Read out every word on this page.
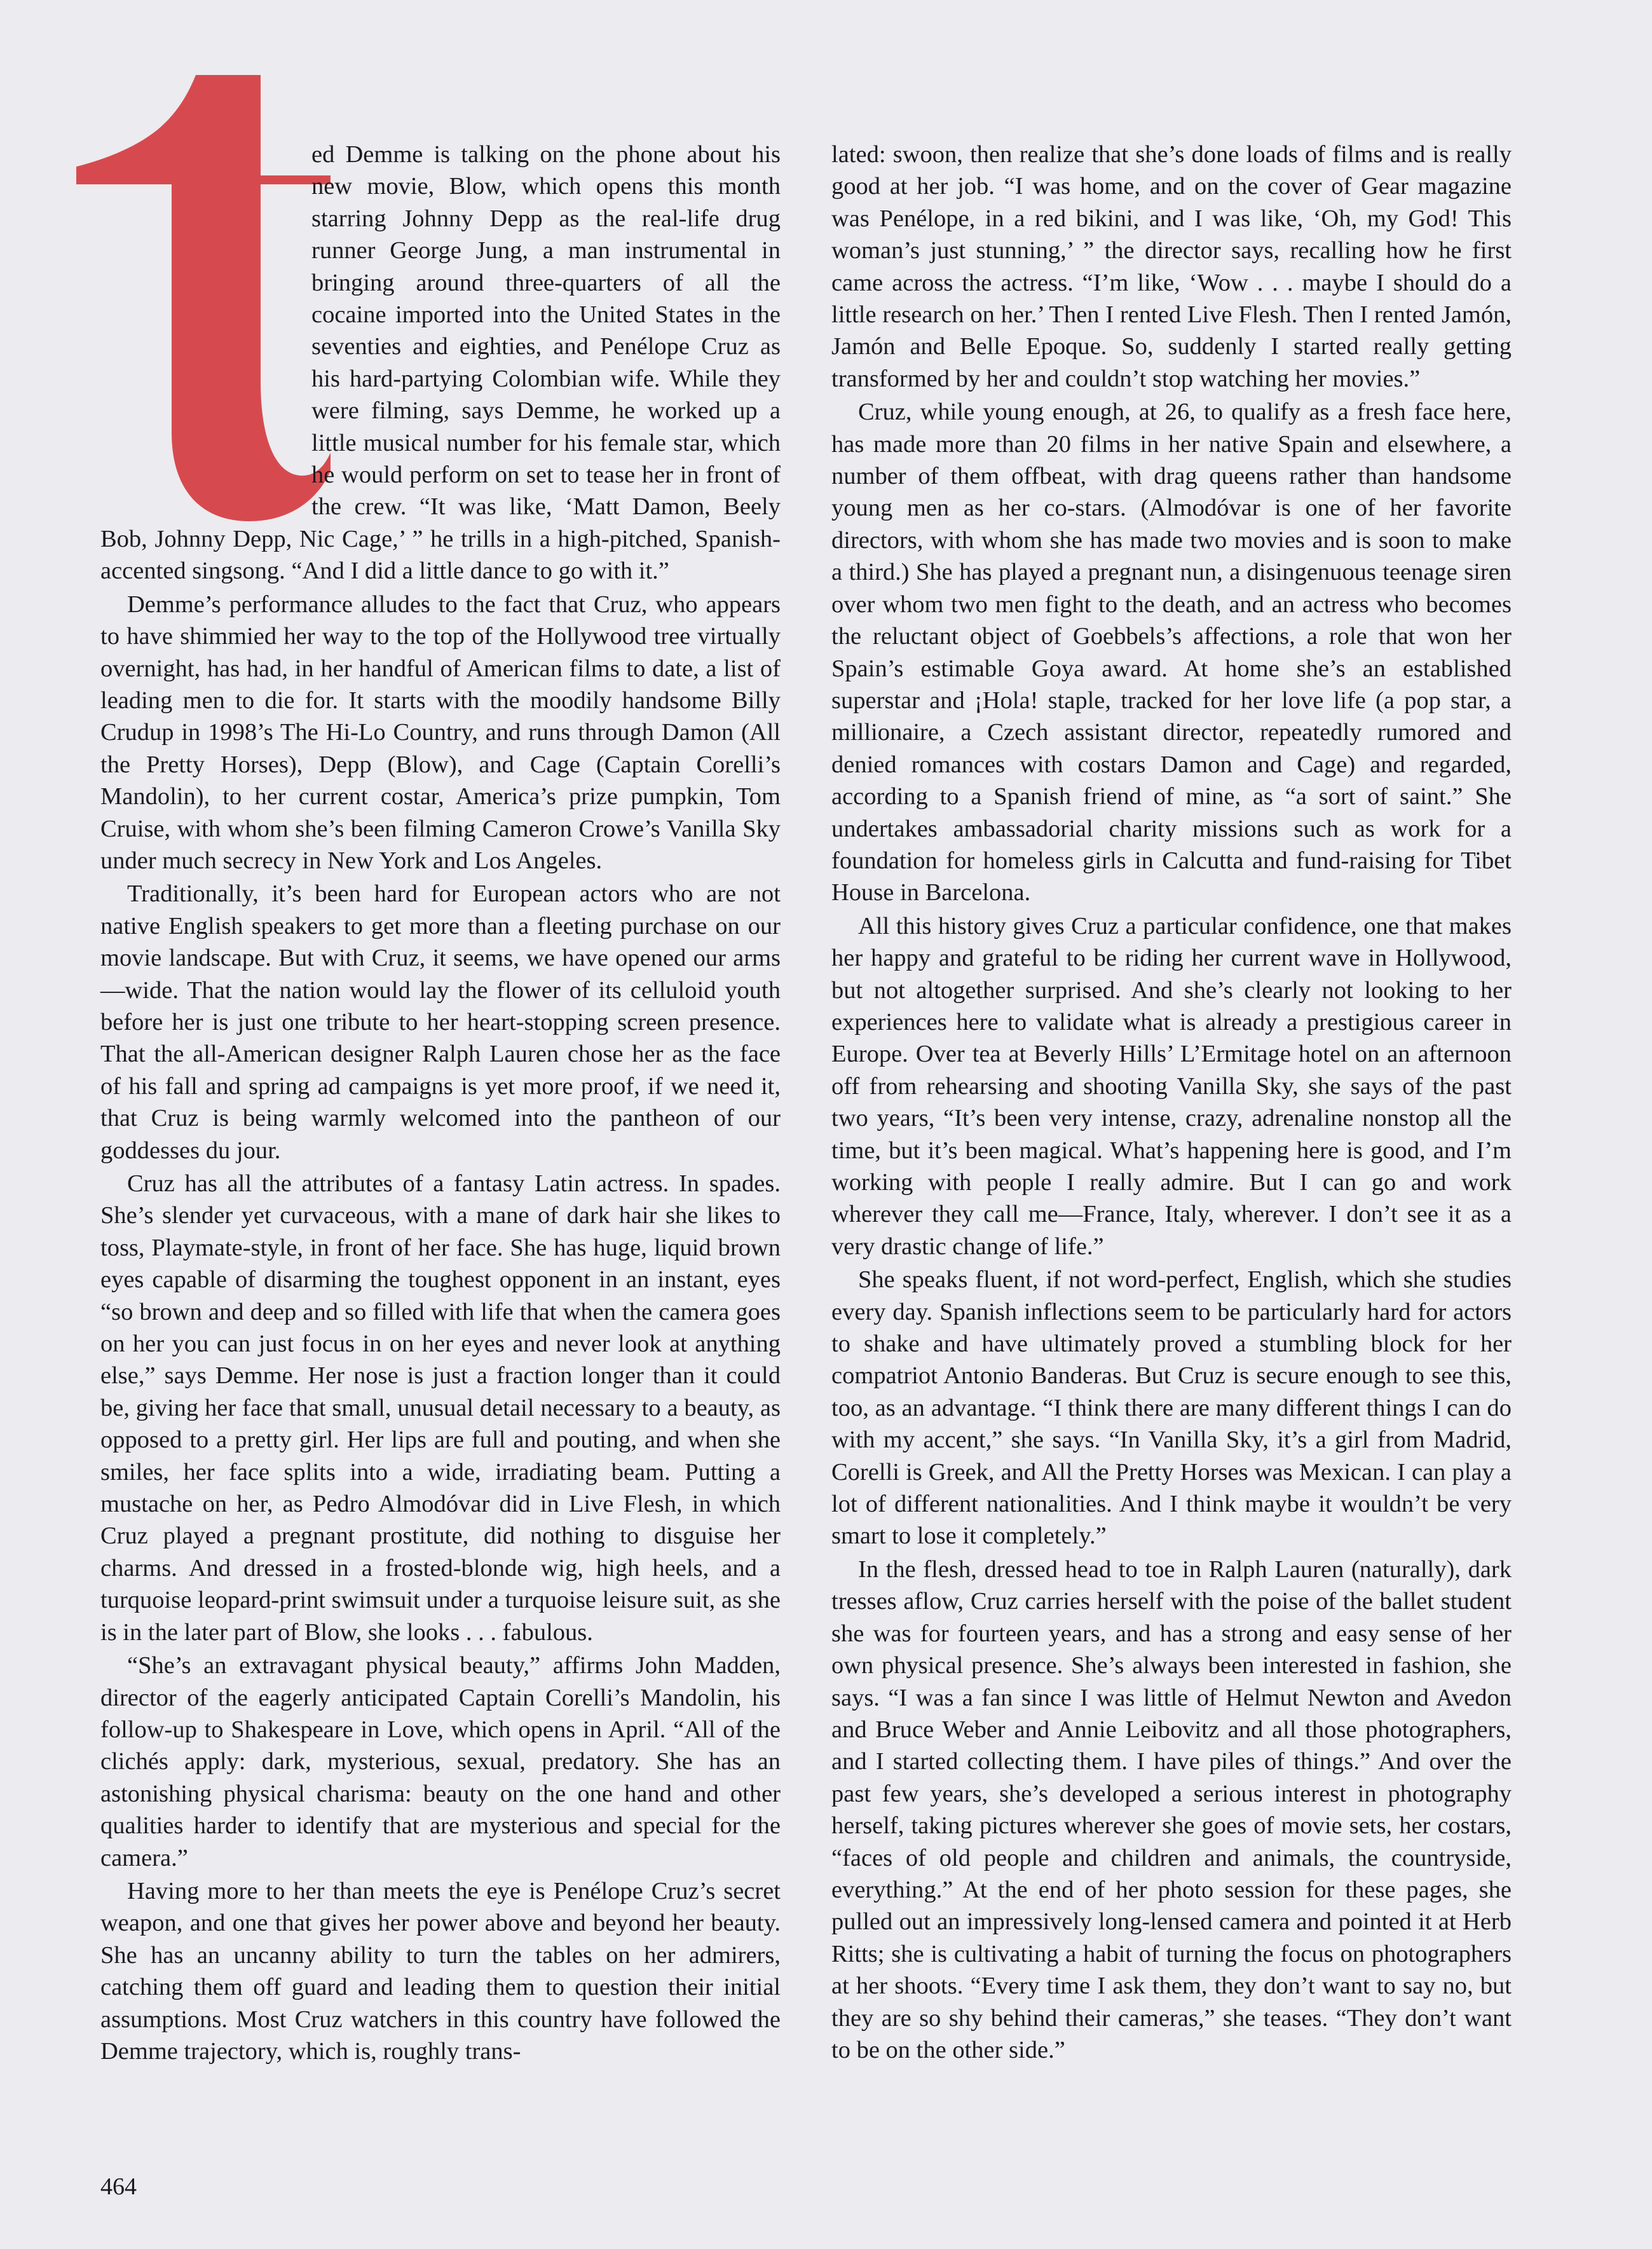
ed Demme is talking on the phone about his new movie, Blow, which opens this month starring Johnny Depp as the real-life drug runner George Jung, a man instrumental in bringing around three-quarters of all the cocaine imported into the United States in the seventies and eighties, and Penélope Cruz as his hard-partying Colombian wife. While they were filming, says Demme, he worked up a little musical number for his female star, which he would perform on set to tease her in front of the crew. “It was like, ‘Matt Damon, Beely Bob, Johnny Depp, Nic Cage,’ ” he trills in a high-pitched, Spanish-accented singsong. “And I did a little dance to go with it.”

Demme’s performance alludes to the fact that Cruz, who appears to have shimmied her way to the top of the Hollywood tree virtually overnight, has had, in her handful of American films to date, a list of leading men to die for. It starts with the moodily handsome Billy Crudup in 1998’s The Hi-Lo Country, and runs through Damon (All the Pretty Horses), Depp (Blow), and Cage (Captain Corelli’s Mandolin), to her current costar, America’s prize pumpkin, Tom Cruise, with whom she’s been filming Cameron Crowe’s Vanilla Sky under much secrecy in New York and Los Angeles.

Traditionally, it’s been hard for European actors who are not native English speakers to get more than a fleeting purchase on our movie landscape. But with Cruz, it seems, we have opened our arms—wide. That the nation would lay the flower of its celluloid youth before her is just one tribute to her heart-stopping screen presence. That the all-American designer Ralph Lauren chose her as the face of his fall and spring ad campaigns is yet more proof, if we need it, that Cruz is being warmly welcomed into the pantheon of our goddesses du jour.

Cruz has all the attributes of a fantasy Latin actress. In spades. She’s slender yet curvaceous, with a mane of dark hair she likes to toss, Playmate-style, in front of her face. She has huge, liquid brown eyes capable of disarming the toughest opponent in an instant, eyes “so brown and deep and so filled with life that when the camera goes on her you can just focus in on her eyes and never look at anything else,” says Demme. Her nose is just a fraction longer than it could be, giving her face that small, unusual detail necessary to a beauty, as opposed to a pretty girl. Her lips are full and pouting, and when she smiles, her face splits into a wide, irradiating beam. Putting a mustache on her, as Pedro Almodóvar did in Live Flesh, in which Cruz played a pregnant prostitute, did nothing to disguise her charms. And dressed in a frosted-blonde wig, high heels, and a turquoise leopard-print swimsuit under a turquoise leisure suit, as she is in the later part of Blow, she looks . . . fabulous.

“She’s an extravagant physical beauty,” affirms John Madden, director of the eagerly anticipated Captain Corelli’s Mandolin, his follow-up to Shakespeare in Love, which opens in April. “All of the clichés apply: dark, mysterious, sexual, predatory. She has an astonishing physical charisma: beauty on the one hand and other qualities harder to identify that are mysterious and special for the camera.”

Having more to her than meets the eye is Penélope Cruz’s secret weapon, and one that gives her power above and beyond her beauty. She has an uncanny ability to turn the tables on her admirers, catching them off guard and leading them to question their initial assumptions. Most Cruz watchers in this country have followed the Demme trajectory, which is, roughly trans-

lated: swoon, then realize that she’s done loads of films and is really good at her job. “I was home, and on the cover of Gear magazine was Penélope, in a red bikini, and I was like, ‘Oh, my God! This woman’s just stunning,’ ” the director says, recalling how he first came across the actress. “I’m like, ‘Wow . . . maybe I should do a little research on her.’ Then I rented Live Flesh. Then I rented Jamón, Jamón and Belle Epoque. So, suddenly I started really getting transformed by her and couldn’t stop watching her movies.”

Cruz, while young enough, at 26, to qualify as a fresh face here, has made more than 20 films in her native Spain and elsewhere, a number of them offbeat, with drag queens rather than handsome young men as her co-stars. (Almodóvar is one of her favorite directors, with whom she has made two movies and is soon to make a third.) She has played a pregnant nun, a disingenuous teenage siren over whom two men fight to the death, and an actress who becomes the reluctant object of Goebbels’s affections, a role that won her Spain’s estimable Goya award. At home she’s an established superstar and ¡Hola! staple, tracked for her love life (a pop star, a millionaire, a Czech assistant director, repeatedly rumored and denied romances with costars Damon and Cage) and regarded, according to a Spanish friend of mine, as “a sort of saint.” She undertakes ambassadorial charity missions such as work for a foundation for homeless girls in Calcutta and fund-raising for Tibet House in Barcelona.

All this history gives Cruz a particular confidence, one that makes her happy and grateful to be riding her current wave in Hollywood, but not altogether surprised. And she’s clearly not looking to her experiences here to validate what is already a prestigious career in Europe. Over tea at Beverly Hills’ L’Ermitage hotel on an afternoon off from rehearsing and shooting Vanilla Sky, she says of the past two years, “It’s been very intense, crazy, adrenaline nonstop all the time, but it’s been magical. What’s happening here is good, and I’m working with people I really admire. But I can go and work wherever they call me—France, Italy, wherever. I don’t see it as a very drastic change of life.”

She speaks fluent, if not word-perfect, English, which she studies every day. Spanish inflections seem to be particularly hard for actors to shake and have ultimately proved a stumbling block for her compatriot Antonio Banderas. But Cruz is secure enough to see this, too, as an advantage. “I think there are many different things I can do with my accent,” she says. “In Vanilla Sky, it’s a girl from Madrid, Corelli is Greek, and All the Pretty Horses was Mexican. I can play a lot of different nationalities. And I think maybe it wouldn’t be very smart to lose it completely.”

In the flesh, dressed head to toe in Ralph Lauren (naturally), dark tresses aflow, Cruz carries herself with the poise of the ballet student she was for fourteen years, and has a strong and easy sense of her own physical presence. She’s always been interested in fashion, she says. “I was a fan since I was little of Helmut Newton and Avedon and Bruce Weber and Annie Leibovitz and all those photographers, and I started collecting them. I have piles of things.” And over the past few years, she’s developed a serious interest in photography herself, taking pictures wherever she goes of movie sets, her costars, “faces of old people and children and animals, the countryside, everything.” At the end of her photo session for these pages, she pulled out an impressively long-lensed camera and pointed it at Herb Ritts; she is cultivating a habit of turning the focus on photographers at her shoots. “Every time I ask them, they don’t want to say no, but they are so shy behind their cameras,” she teases. “They don’t want to be on the other side.”

464
